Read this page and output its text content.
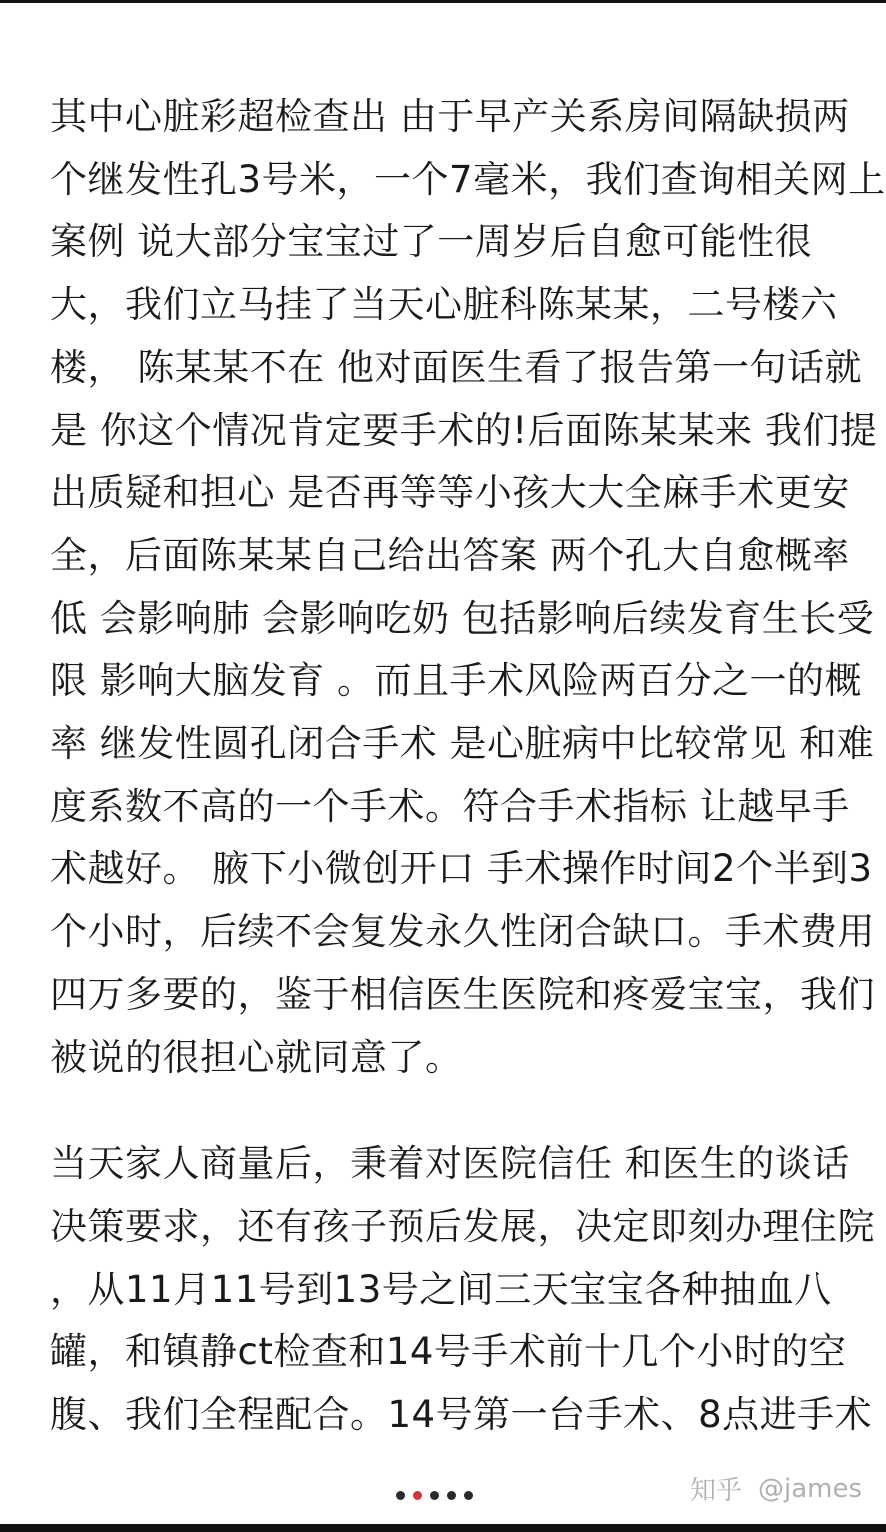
其中心脏彩超检查出 由于早产关系房间隔缺损两
个继发性孔3号米，一个7毫米，我们查询相关网上
案例 说大部分宝宝过了一周岁后自愈可能性很
大，我们立马挂了当天心脏科陈某某，二号楼六
楼， 陈某某不在 他对面医生看了报告第一句话就
是 你这个情况肯定要手术的!后面陈某某来 我们提
出质疑和担心 是否再等等小孩大大全麻手术更安
全，后面陈某某自己给出答案 两个孔大自愈概率
低 会影响肺 会影响吃奶 包括影响后续发育生长受
限 影响大脑发育 。而且手术风险两百分之一的概
率 继发性圆孔闭合手术 是心脏病中比较常见 和难
度系数不高的一个手术。符合手术指标 让越早手
术越好。 腋下小微创开口 手术操作时间2个半到3
个小时，后续不会复发永久性闭合缺口。手术费用
四万多要的，鉴于相信医生医院和疼爱宝宝，我们
被说的很担心就同意了。

当天家人商量后，秉着对医院信任 和医生的谈话
决策要求，还有孩子预后发展，决定即刻办理住院
，从11月11号到13号之间三天宝宝各种抽血八
罐，和镇静ct检查和14号手术前十几个小时的空
腹、我们全程配合。14号第一台手术、8点进手术

知乎 @james
